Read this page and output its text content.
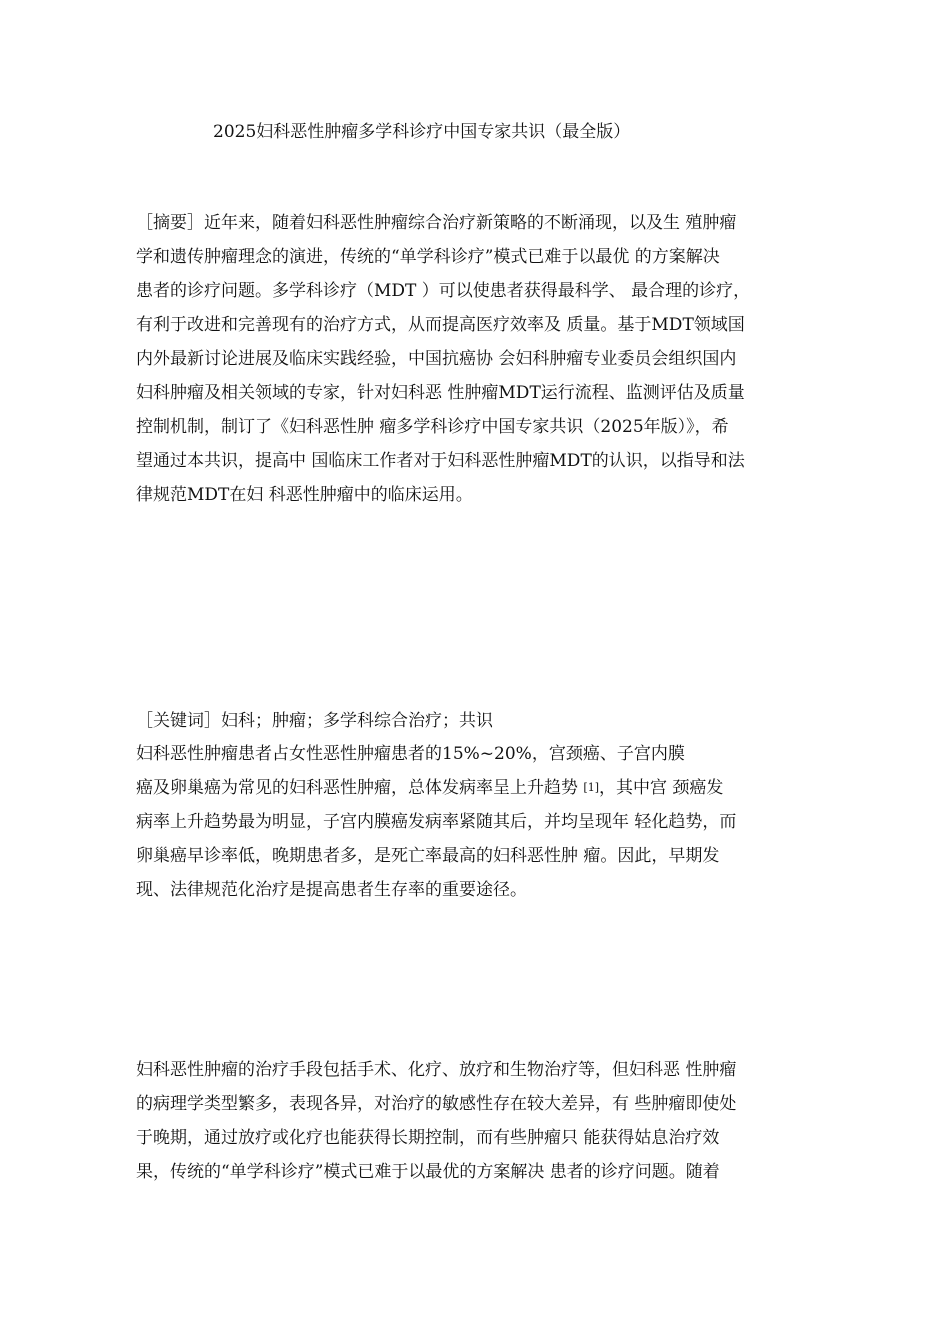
2025妇科恶性肿瘤多学科诊疗中国专家共识（最全版）
［摘要］近年来，随着妇科恶性肿瘤综合治疗新策略的不断涌现，以及生 殖肿瘤
学和遗传肿瘤理念的演进，传统的“单学科诊疗”模式已难于以最优 的方案解决
患者的诊疗问题。多学科诊疗（MDT ）可以使患者获得最科学、 最合理的诊疗，
有利于改进和完善现有的治疗方式，从而提高医疗效率及 质量。基于MDT领域国
内外最新讨论进展及临床实践经验，中国抗癌协 会妇科肿瘤专业委员会组织国内
妇科肿瘤及相关领域的专家，针对妇科恶 性肿瘤MDT运行流程、监测评估及质量
控制机制，制订了《妇科恶性肿 瘤多学科诊疗中国专家共识（2025年版）》，希
望通过本共识，提高中 国临床工作者对于妇科恶性肿瘤MDT的认识，以指导和法
律规范MDT在妇 科恶性肿瘤中的临床运用。
［关键词］妇科；肿瘤；多学科综合治疗；共识
妇科恶性肿瘤患者占女性恶性肿瘤患者的15%~20%，宫颈癌、子宫内膜
癌及卵巢癌为常见的妇科恶性肿瘤，总体发病率呈上升趋势 [1]，其中宫 颈癌发
病率上升趋势最为明显，子宫内膜癌发病率紧随其后，并均呈现年 轻化趋势，而
卵巢癌早诊率低，晚期患者多，是死亡率最高的妇科恶性肿 瘤。因此，早期发
现、法律规范化治疗是提高患者生存率的重要途径。
妇科恶性肿瘤的治疗手段包括手术、化疗、放疗和生物治疗等，但妇科恶 性肿瘤
的病理学类型繁多，表现各异，对治疗的敏感性存在较大差异，有 些肿瘤即使处
于晚期，通过放疗或化疗也能获得长期控制，而有些肿瘤只 能获得姑息治疗效
果，传统的“单学科诊疗”模式已难于以最优的方案解决 患者的诊疗问题。随着
